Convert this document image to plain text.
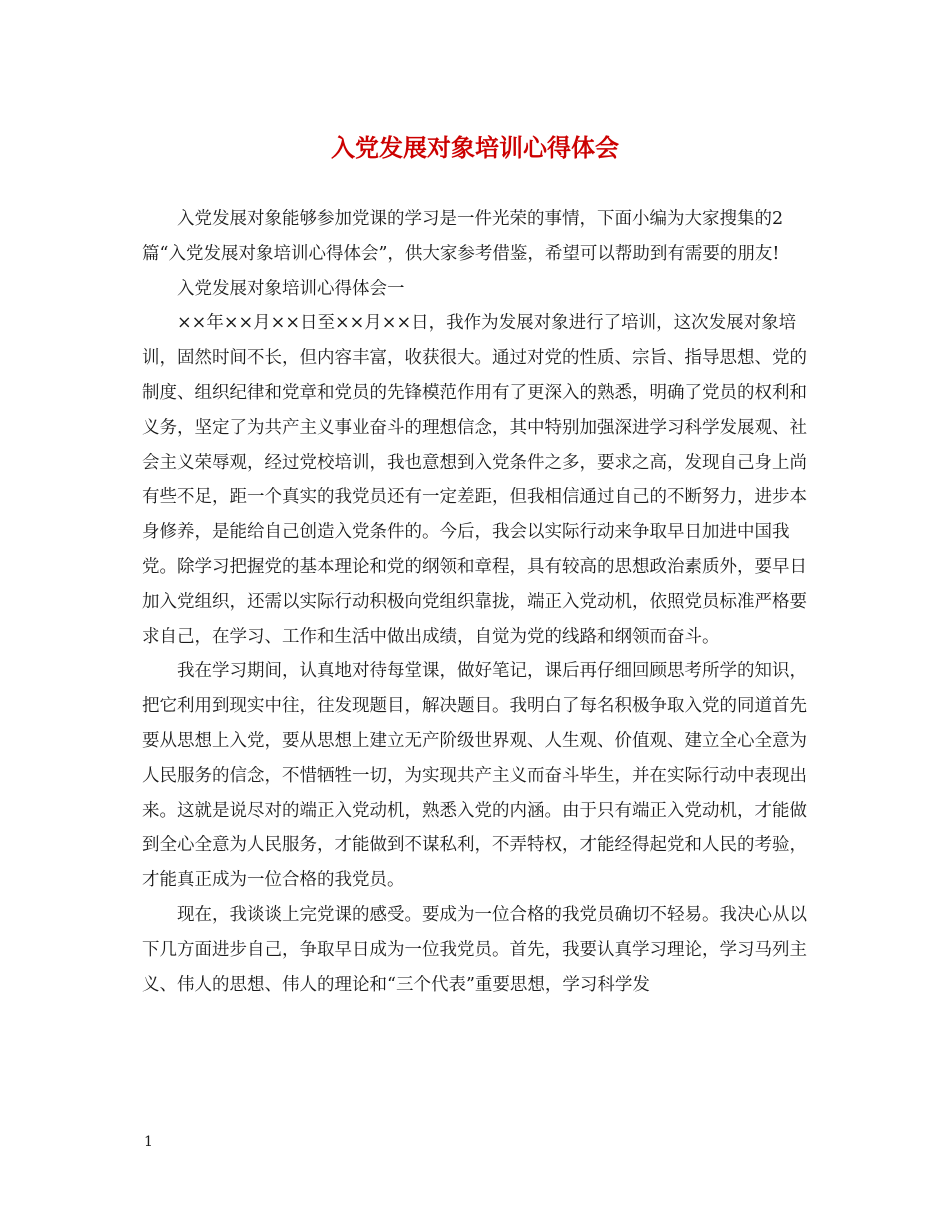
入党发展对象培训心得体会

入党发展对象能够参加党课的学习是一件光荣的事情，下面小编为大家搜集的2篇“入党发展对象培训心得体会”，供大家参考借鉴，希望可以帮助到有需要的朋友!

入党发展对象培训心得体会一

××年××月××日至××月××日，我作为发展对象进行了培训，这次发展对象培训，固然时间不长，但内容丰富，收获很大。通过对党的性质、宗旨、指导思想、党的制度、组织纪律和党章和党员的先锋模范作用有了更深入的熟悉，明确了党员的权利和义务，坚定了为共产主义事业奋斗的理想信念，其中特别加强深进学习科学发展观、社会主义荣辱观，经过党校培训，我也意想到入党条件之多，要求之高，发现自己身上尚有些不足，距一个真实的我党员还有一定差距，但我相信通过自己的不断努力，进步本身修养，是能给自己创造入党条件的。今后，我会以实际行动来争取早日加进中国我党。除学习把握党的基本理论和党的纲领和章程，具有较高的思想政治素质外，要早日加入党组织，还需以实际行动积极向党组织靠拢，端正入党动机，依照党员标准严格要求自己，在学习、工作和生活中做出成绩，自觉为党的线路和纲领而奋斗。

我在学习期间，认真地对待每堂课，做好笔记，课后再仔细回顾思考所学的知识，把它利用到现实中往，往发现题目，解决题目。我明白了每名积极争取入党的同道首先要从思想上入党，要从思想上建立无产阶级世界观、人生观、价值观、建立全心全意为人民服务的信念，不惜牺牲一切，为实现共产主义而奋斗毕生，并在实际行动中表现出来。这就是说尽对的端正入党动机，熟悉入党的内涵。由于只有端正入党动机，才能做到全心全意为人民服务，才能做到不谋私利，不弄特权，才能经得起党和人民的考验，才能真正成为一位合格的我党员。

现在，我谈谈上完党课的感受。要成为一位合格的我党员确切不轻易。我决心从以下几方面进步自己，争取早日成为一位我党员。首先，我要认真学习理论，学习马列主义、伟人的思想、伟人的理论和“三个代表”重要思想，学习科学发

1
